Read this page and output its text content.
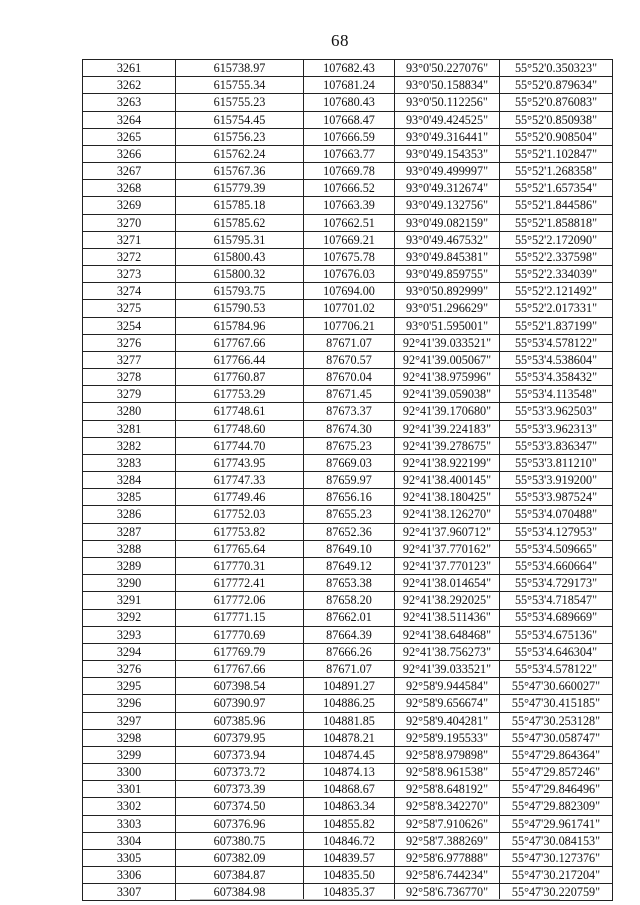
68
3261	615738.97	107682.43	93°0'50.227076"	55°52'0.350323"
3262	615755.34	107681.24	93°0'50.158834"	55°52'0.879634"
3263	615755.23	107680.43	93°0'50.112256"	55°52'0.876083"
3264	615754.45	107668.47	93°0'49.424525"	55°52'0.850938"
3265	615756.23	107666.59	93°0'49.316441"	55°52'0.908504"
3266	615762.24	107663.77	93°0'49.154353"	55°52'1.102847"
3267	615767.36	107669.78	93°0'49.499997"	55°52'1.268358"
3268	615779.39	107666.52	93°0'49.312674"	55°52'1.657354"
3269	615785.18	107663.39	93°0'49.132756"	55°52'1.844586"
3270	615785.62	107662.51	93°0'49.082159"	55°52'1.858818"
3271	615795.31	107669.21	93°0'49.467532"	55°52'2.172090"
3272	615800.43	107675.78	93°0'49.845381"	55°52'2.337598"
3273	615800.32	107676.03	93°0'49.859755"	55°52'2.334039"
3274	615793.75	107694.00	93°0'50.892999"	55°52'2.121492"
3275	615790.53	107701.02	93°0'51.296629"	55°52'2.017331"
3254	615784.96	107706.21	93°0'51.595001"	55°52'1.837199"
3276	617767.66	87671.07	92°41'39.033521"	55°53'4.578122"
3277	617766.44	87670.57	92°41'39.005067"	55°53'4.538604"
3278	617760.87	87670.04	92°41'38.975996"	55°53'4.358432"
3279	617753.29	87671.45	92°41'39.059038"	55°53'4.113548"
3280	617748.61	87673.37	92°41'39.170680"	55°53'3.962503"
3281	617748.60	87674.30	92°41'39.224183"	55°53'3.962313"
3282	617744.70	87675.23	92°41'39.278675"	55°53'3.836347"
3283	617743.95	87669.03	92°41'38.922199"	55°53'3.811210"
3284	617747.33	87659.97	92°41'38.400145"	55°53'3.919200"
3285	617749.46	87656.16	92°41'38.180425"	55°53'3.987524"
3286	617752.03	87655.23	92°41'38.126270"	55°53'4.070488"
3287	617753.82	87652.36	92°41'37.960712"	55°53'4.127953"
3288	617765.64	87649.10	92°41'37.770162"	55°53'4.509665"
3289	617770.31	87649.12	92°41'37.770123"	55°53'4.660664"
3290	617772.41	87653.38	92°41'38.014654"	55°53'4.729173"
3291	617772.06	87658.20	92°41'38.292025"	55°53'4.718547"
3292	617771.15	87662.01	92°41'38.511436"	55°53'4.689669"
3293	617770.69	87664.39	92°41'38.648468"	55°53'4.675136"
3294	617769.79	87666.26	92°41'38.756273"	55°53'4.646304"
3276	617767.66	87671.07	92°41'39.033521"	55°53'4.578122"
3295	607398.54	104891.27	92°58'9.944584"	55°47'30.660027"
3296	607390.97	104886.25	92°58'9.656674"	55°47'30.415185"
3297	607385.96	104881.85	92°58'9.404281"	55°47'30.253128"
3298	607379.95	104878.21	92°58'9.195533"	55°47'30.058747"
3299	607373.94	104874.45	92°58'8.979898"	55°47'29.864364"
3300	607373.72	104874.13	92°58'8.961538"	55°47'29.857246"
3301	607373.39	104868.67	92°58'8.648192"	55°47'29.846496"
3302	607374.50	104863.34	92°58'8.342270"	55°47'29.882309"
3303	607376.96	104855.82	92°58'7.910626"	55°47'29.961741"
3304	607380.75	104846.72	92°58'7.388269"	55°47'30.084153"
3305	607382.09	104839.57	92°58'6.977888"	55°47'30.127376"
3306	607384.87	104835.50	92°58'6.744234"	55°47'30.217204"
3307	607384.98	104835.37	92°58'6.736770"	55°47'30.220759"
